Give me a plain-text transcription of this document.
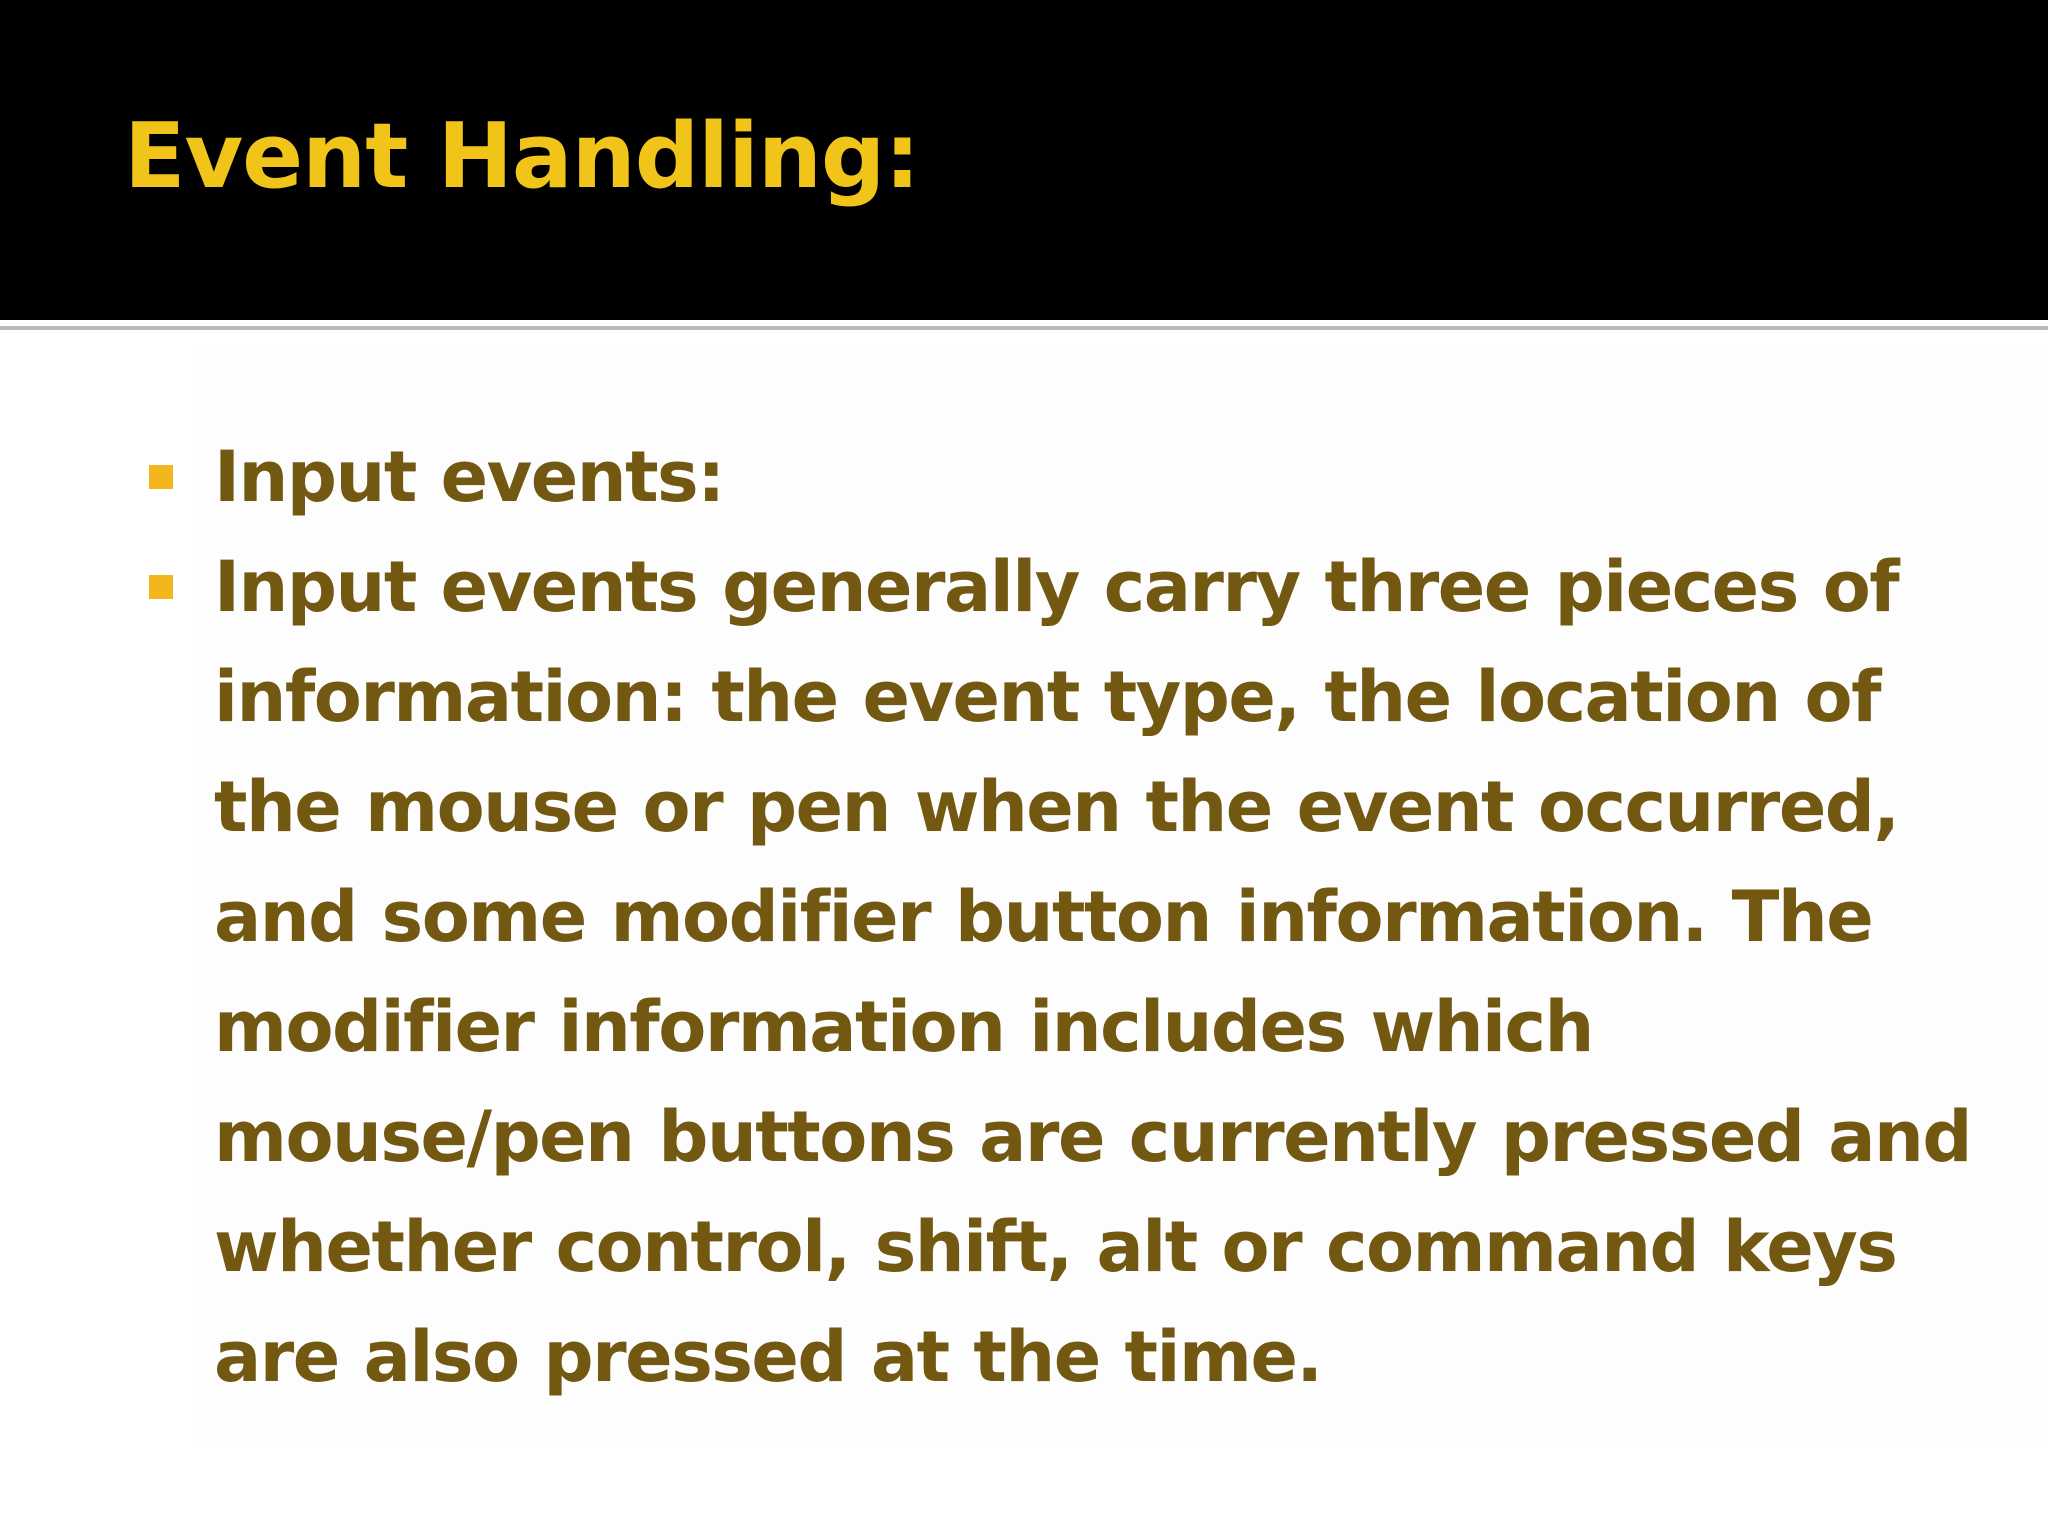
Event Handling:
Input events:
Input events generally carry three pieces of information: the event type, the location of the mouse or pen when the event occurred, and some modifier button information. The modifier information includes which mouse/pen buttons are currently pressed and whether control, shift, alt or command keys are also pressed at the time.
